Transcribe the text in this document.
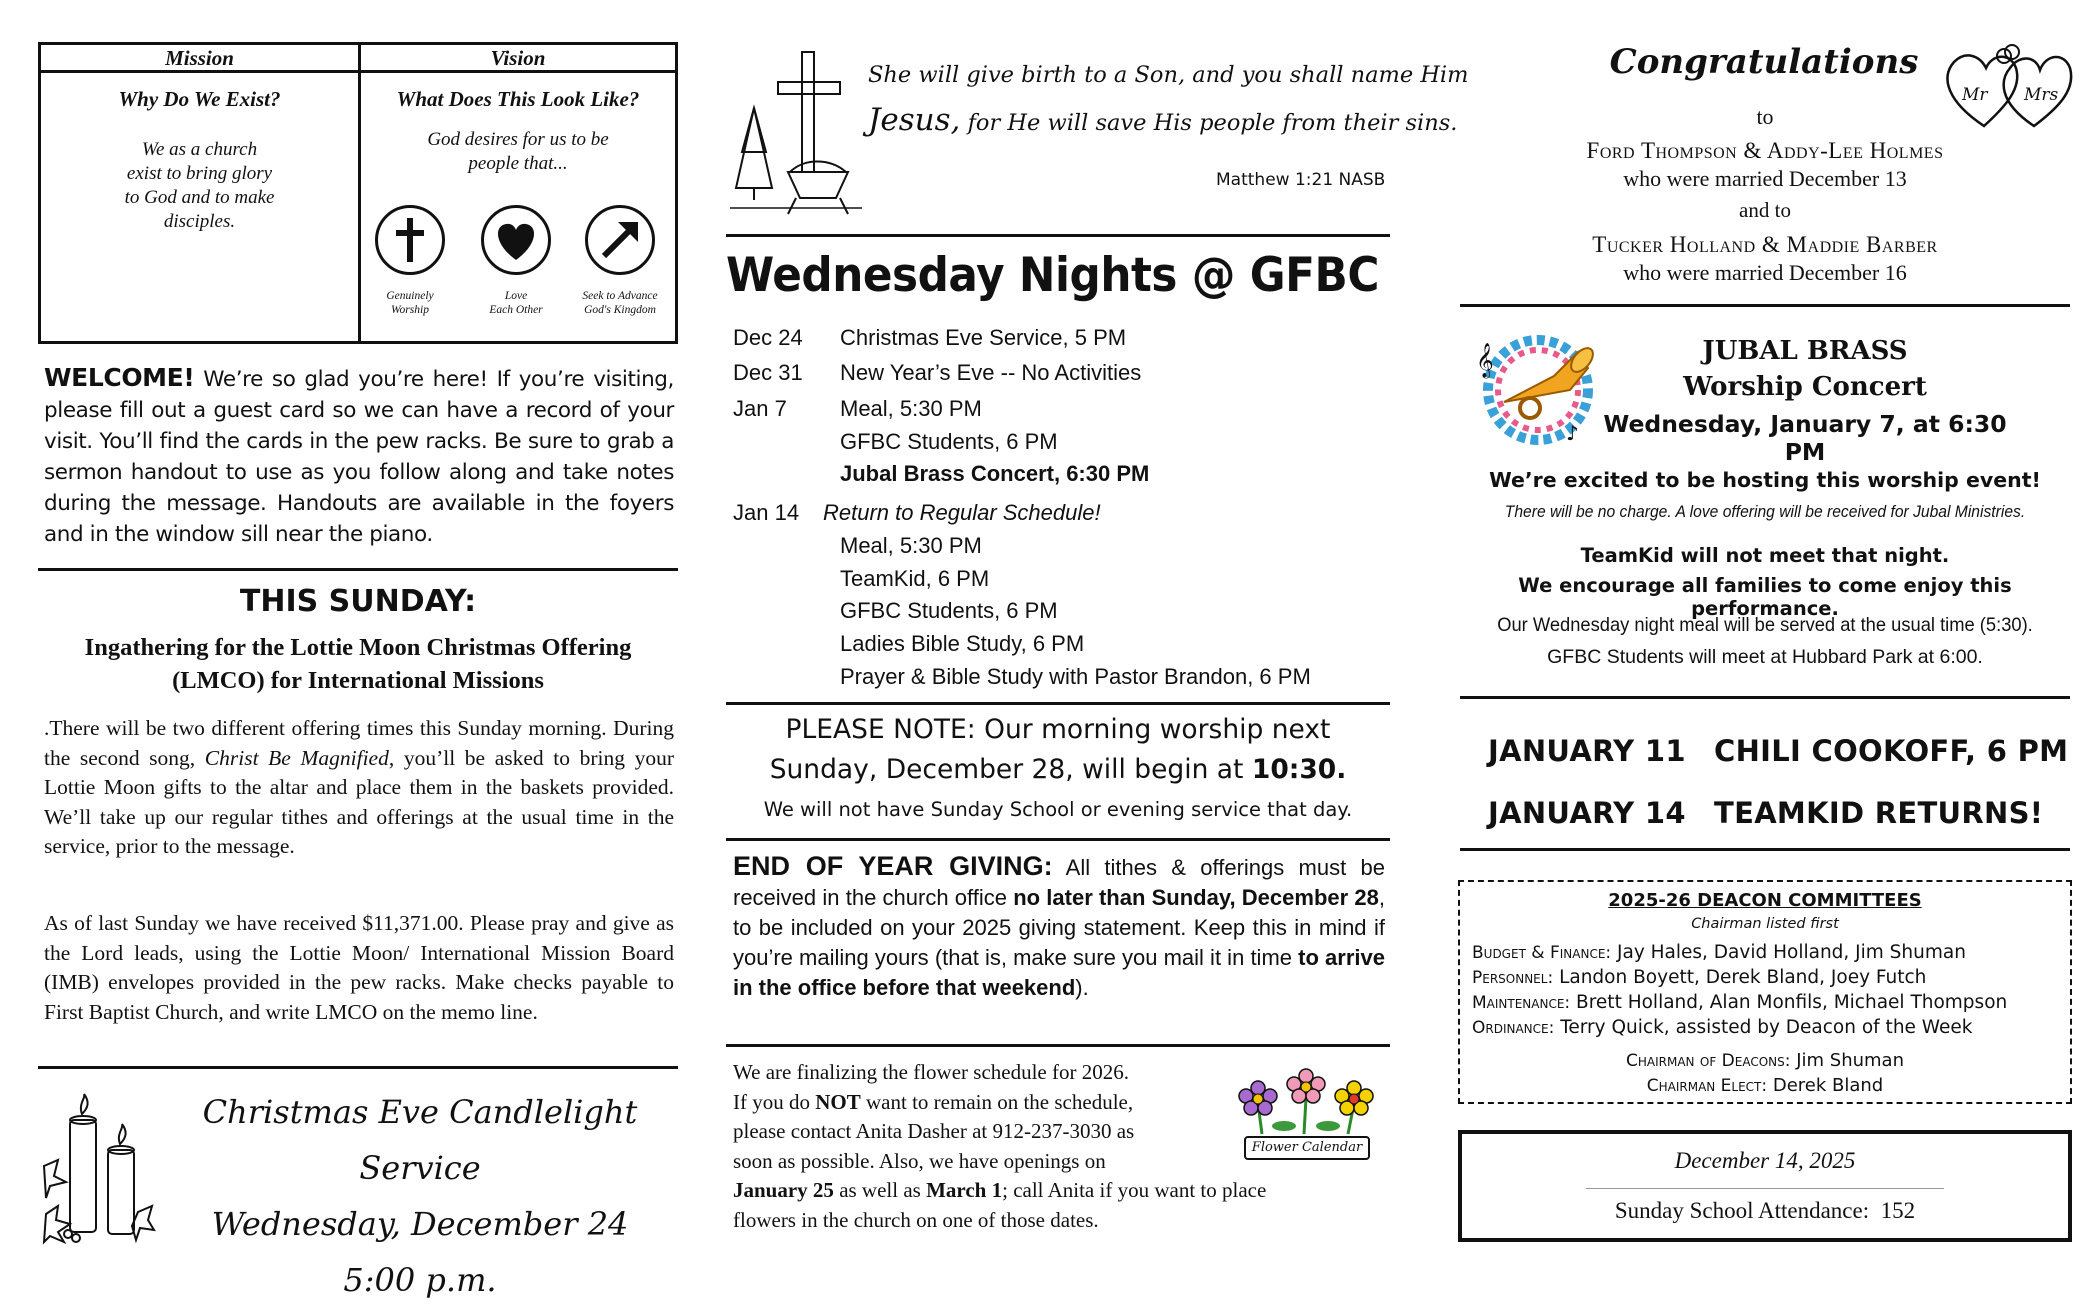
Mission
Why Do We Exist?
We as a church
exist to bring glory
to God and to make
disciples.
Vision
What Does This Look Like?
God desires for us to be
people that...
Genuinely
Worship
Love
Each Other
Seek to Advance
God's Kingdom
WELCOME! We’re so glad you’re here! If you’re visiting, please fill out a guest card so we can have a record of your visit. You’ll find the cards in the pew racks. Be sure to grab a sermon handout to use as you follow along and take notes during the message. Handouts are available in the foyers and in the window sill near the piano.
THIS SUNDAY:
Ingathering for the Lottie Moon Christmas Offering
(LMCO) for International Missions
.There will be two different offering times this Sunday morning. During the second song, Christ Be Magnified, you’ll be asked to bring your Lottie Moon gifts to the altar and place them in the baskets provided. We’ll take up our regular tithes and offerings at the usual time in the service, prior to the message.
As of last Sunday we have received $11,371.00. Please pray and give as the Lord leads, using the Lottie Moon/ International Mission Board (IMB) envelopes provided in the pew racks. Make checks payable to First Baptist Church, and write LMCO on the memo line.
Christmas Eve Candlelight Service
Wednesday, December 24
5:00 p.m.
She will give birth to a Son, and you shall name Him
Jesus, for He will save His people from their sins.
Matthew 1:21 NASB
Wednesday Nights @ GFBC
Dec 24 Christmas Eve Service, 5 PM
Dec 31 New Year’s Eve -- No Activities
Jan 7 Meal, 5:30 PM
GFBC Students, 6 PM
Jubal Brass Concert, 6:30 PM
Jan 14 Return to Regular Schedule!
Meal, 5:30 PM
TeamKid, 6 PM
GFBC Students, 6 PM
Ladies Bible Study, 6 PM
Prayer & Bible Study with Pastor Brandon, 6 PM
PLEASE NOTE: Our morning worship next
Sunday, December 28, will begin at 10:30.
We will not have Sunday School or evening service that day.
END OF YEAR GIVING: All tithes & offerings must be received in the church office no later than Sunday, December 28, to be included on your 2025 giving statement. Keep this in mind if you’re mailing yours (that is, make sure you mail it in time to arrive in the office before that weekend).
We are finalizing the flower schedule for 2026.
If you do NOT want to remain on the schedule,
please contact Anita Dasher at 912-237-3030 as
soon as possible. Also, we have openings on
January 25 as well as March 1; call Anita if you want to place
flowers in the church on one of those dates.
Flower Calendar
Congratulations
Mr Mrs
to
Ford Thompson & Addy-Lee Holmes
who were married December 13
and to
Tucker Holland & Maddie Barber
who were married December 16
𝄞
♪
JUBAL BRASS
Worship Concert
Wednesday, January 7, at 6:30 PM
We’re excited to be hosting this worship event!
There will be no charge. A love offering will be received for Jubal Ministries.
TeamKid will not meet that night.
We encourage all families to come enjoy this performance.
Our Wednesday night meal will be served at the usual time (5:30).
GFBC Students will meet at Hubbard Park at 6:00.
JANUARY 11 CHILI COOKOFF, 6 PM
JANUARY 14 TEAMKID RETURNS!
2025-26 DEACON COMMITTEES
Chairman listed first
Budget & Finance: Jay Hales, David Holland, Jim Shuman
Personnel: Landon Boyett, Derek Bland, Joey Futch
Maintenance: Brett Holland, Alan Monfils, Michael Thompson
Ordinance: Terry Quick, assisted by Deacon of the Week
Chairman of Deacons: Jim Shuman
Chairman Elect: Derek Bland
December 14, 2025
Sunday School Attendance: 152
